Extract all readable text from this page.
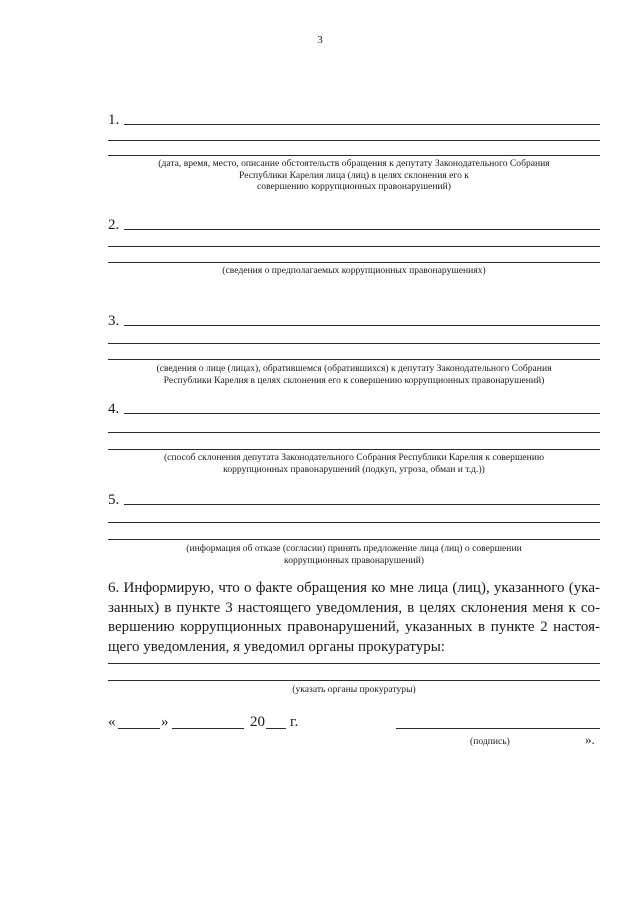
3
1.
(дата, время, место, описание обстоятельств обращения к депутату Законодательного Собрания
Республики Карелия лица (лиц) в целях склонения его к
совершению коррупционных правонарушений)
2.
(сведения о предполагаемых коррупционных правонарушениях)
3.
(сведения о лице (лицах), обратившемся (обратившихся) к депутату Законодательного Собрания
Республики Карелия в целях склонения его к совершению коррупционных правонарушений)
4.
(способ склонения депутата Законодательного Собрания Республики Карелия к совершению
коррупционных правонарушений (подкуп, угроза, обман и т.д.))
5.
(информация об отказе (согласии) принять предложение лица (лиц) о совершении
коррупционных правонарушений)
6. Информирую, что о факте обращения ко мне лица (лиц), указанного (ука-
занных) в пункте 3 настоящего уведомления, в целях склонения меня к со-
вершению коррупционных правонарушений, указанных в пункте 2 настоя-
щего уведомления, я уведомил органы прокуратуры:
(указать органы прокуратуры)
«	»	20 г.
(подпись)	».
